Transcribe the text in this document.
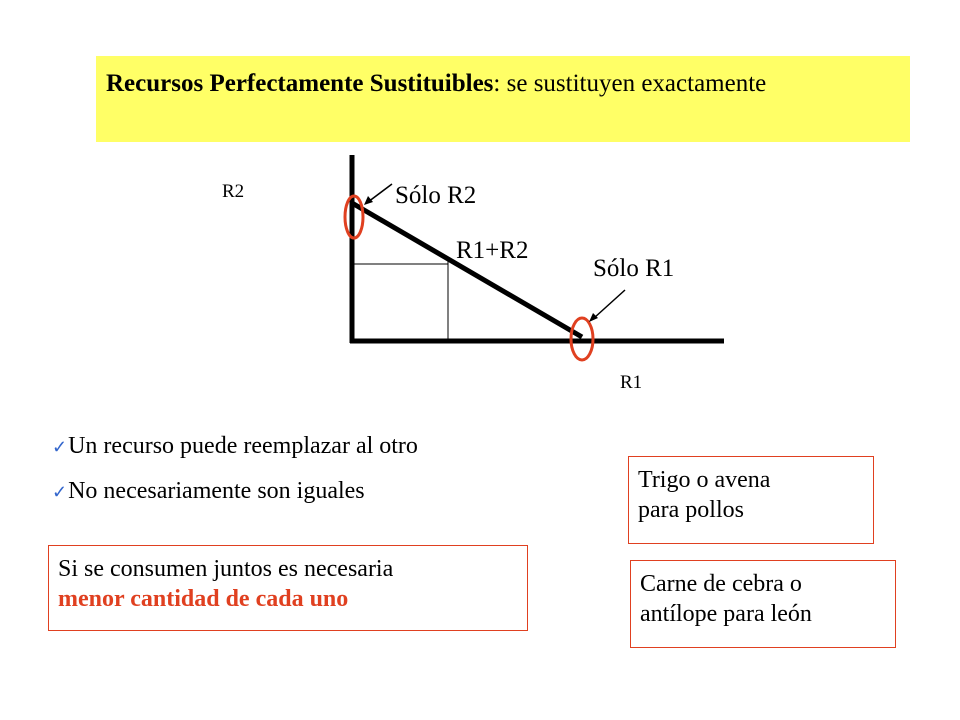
Recursos Perfectamente Sustituibles: se sustituyen exactamente
R2
R1
Sólo R2
R1+R2
Sólo R1
✓Un recurso puede reemplazar al otro
✓No necesariamente son iguales
Si se consumen juntos es necesaria
menor cantidad de cada uno
Trigo o avena
para pollos
Carne de cebra o
antílope para león
